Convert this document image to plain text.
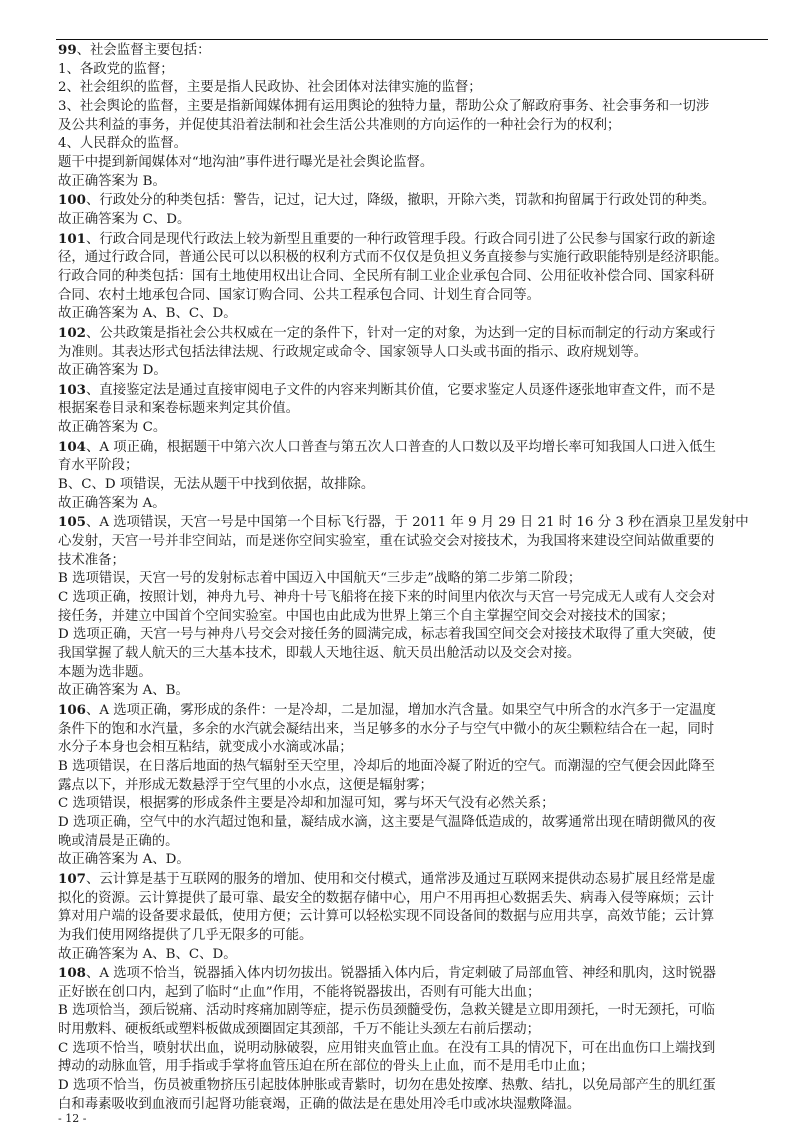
99、社会监督主要包括：
1、各政党的监督；
2、社会组织的监督，主要是指人民政协、社会团体对法律实施的监督；
3、社会舆论的监督，主要是指新闻媒体拥有运用舆论的独特力量，帮助公众了解政府事务、社会事务和一切涉
及公共利益的事务，并促使其沿着法制和社会生活公共准则的方向运作的一种社会行为的权利；
4、人民群众的监督。
题干中提到新闻媒体对“地沟油”事件进行曝光是社会舆论监督。
故正确答案为 B。
100、行政处分的种类包括：警告，记过，记大过，降级，撤职，开除六类，罚款和拘留属于行政处罚的种类。
故正确答案为 C、D。
101、行政合同是现代行政法上较为新型且重要的一种行政管理手段。行政合同引进了公民参与国家行政的新途
径，通过行政合同，普通公民可以以积极的权利方式而不仅仅是负担义务直接参与实施行政职能特别是经济职能。
行政合同的种类包括：国有土地使用权出让合同、全民所有制工业企业承包合同、公用征收补偿合同、国家科研
合同、农村土地承包合同、国家订购合同、公共工程承包合同、计划生育合同等。
故正确答案为 A、B、C、D。
102、公共政策是指社会公共权威在一定的条件下，针对一定的对象，为达到一定的目标而制定的行动方案或行
为准则。其表达形式包括法律法规、行政规定或命令、国家领导人口头或书面的指示、政府规划等。
故正确答案为 D。
103、直接鉴定法是通过直接审阅电子文件的内容来判断其价值，它要求鉴定人员逐件逐张地审查文件，而不是
根据案卷目录和案卷标题来判定其价值。
故正确答案为 C。
104、A 项正确，根据题干中第六次人口普查与第五次人口普查的人口数以及平均增长率可知我国人口进入低生
育水平阶段；
B、C、D 项错误，无法从题干中找到依据，故排除。
故正确答案为 A。
105、A 选项错误，天宫一号是中国第一个目标飞行器，于 2011 年 9 月 29 日 21 时 16 分 3 秒在酒泉卫星发射中
心发射，天宫一号并非空间站，而是迷你空间实验室，重在试验交会对接技术，为我国将来建设空间站做重要的
技术准备；
B 选项错误，天宫一号的发射标志着中国迈入中国航天“三步走”战略的第二步第二阶段；
C 选项正确，按照计划，神舟九号、神舟十号飞船将在接下来的时间里内依次与天宫一号完成无人或有人交会对
接任务，并建立中国首个空间实验室。中国也由此成为世界上第三个自主掌握空间交会对接技术的国家；
D 选项正确，天宫一号与神舟八号交会对接任务的圆满完成，标志着我国空间交会对接技术取得了重大突破，使
我国掌握了载人航天的三大基本技术，即载人天地往返、航天员出舱活动以及交会对接。
本题为选非题。
故正确答案为 A、B。
106、A 选项正确，雾形成的条件：一是冷却，二是加湿，增加水汽含量。如果空气中所含的水汽多于一定温度
条件下的饱和水汽量，多余的水汽就会凝结出来，当足够多的水分子与空气中微小的灰尘颗粒结合在一起，同时
水分子本身也会相互粘结，就变成小水滴或冰晶；
B 选项错误，在日落后地面的热气辐射至天空里，冷却后的地面冷凝了附近的空气。而潮湿的空气便会因此降至
露点以下，并形成无数悬浮于空气里的小水点，这便是辐射雾；
C 选项错误，根据雾的形成条件主要是冷却和加湿可知，雾与坏天气没有必然关系；
D 选项正确，空气中的水汽超过饱和量，凝结成水滴，这主要是气温降低造成的，故雾通常出现在晴朗微风的夜
晚或清晨是正确的。
故正确答案为 A、D。
107、云计算是基于互联网的服务的增加、使用和交付模式，通常涉及通过互联网来提供动态易扩展且经常是虚
拟化的资源。云计算提供了最可靠、最安全的数据存储中心，用户不用再担心数据丢失、病毒入侵等麻烦；云计
算对用户端的设备要求最低，使用方便；云计算可以轻松实现不同设备间的数据与应用共享，高效节能；云计算
为我们使用网络提供了几乎无限多的可能。
故正确答案为 A、B、C、D。
108、A 选项不恰当，锐器插入体内切勿拔出。锐器插入体内后，肯定刺破了局部血管、神经和肌肉，这时锐器
正好嵌在创口内，起到了临时“止血”作用，不能将锐器拔出，否则有可能大出血；
B 选项恰当，颈后锐痛、活动时疼痛加剧等症，提示伤员颈髓受伤，急救关键是立即用颈托，一时无颈托，可临
时用敷料、硬板纸或塑料板做成颈圈固定其颈部，千万不能让头颈左右前后摆动；
C 选项不恰当，喷射状出血，说明动脉破裂，应用钳夹血管止血。在没有工具的情况下，可在出血伤口上端找到
搏动的动脉血管，用手指或手掌将血管压迫在所在部位的骨头上止血，而不是用毛巾止血；
D 选项不恰当，伤员被重物挤压引起肢体肿胀或青紫时，切勿在患处按摩、热敷、结扎，以免局部产生的肌红蛋
白和毒素吸收到血液而引起肾功能衰竭，正确的做法是在患处用冷毛巾或冰块湿敷降温。
- 12 -
